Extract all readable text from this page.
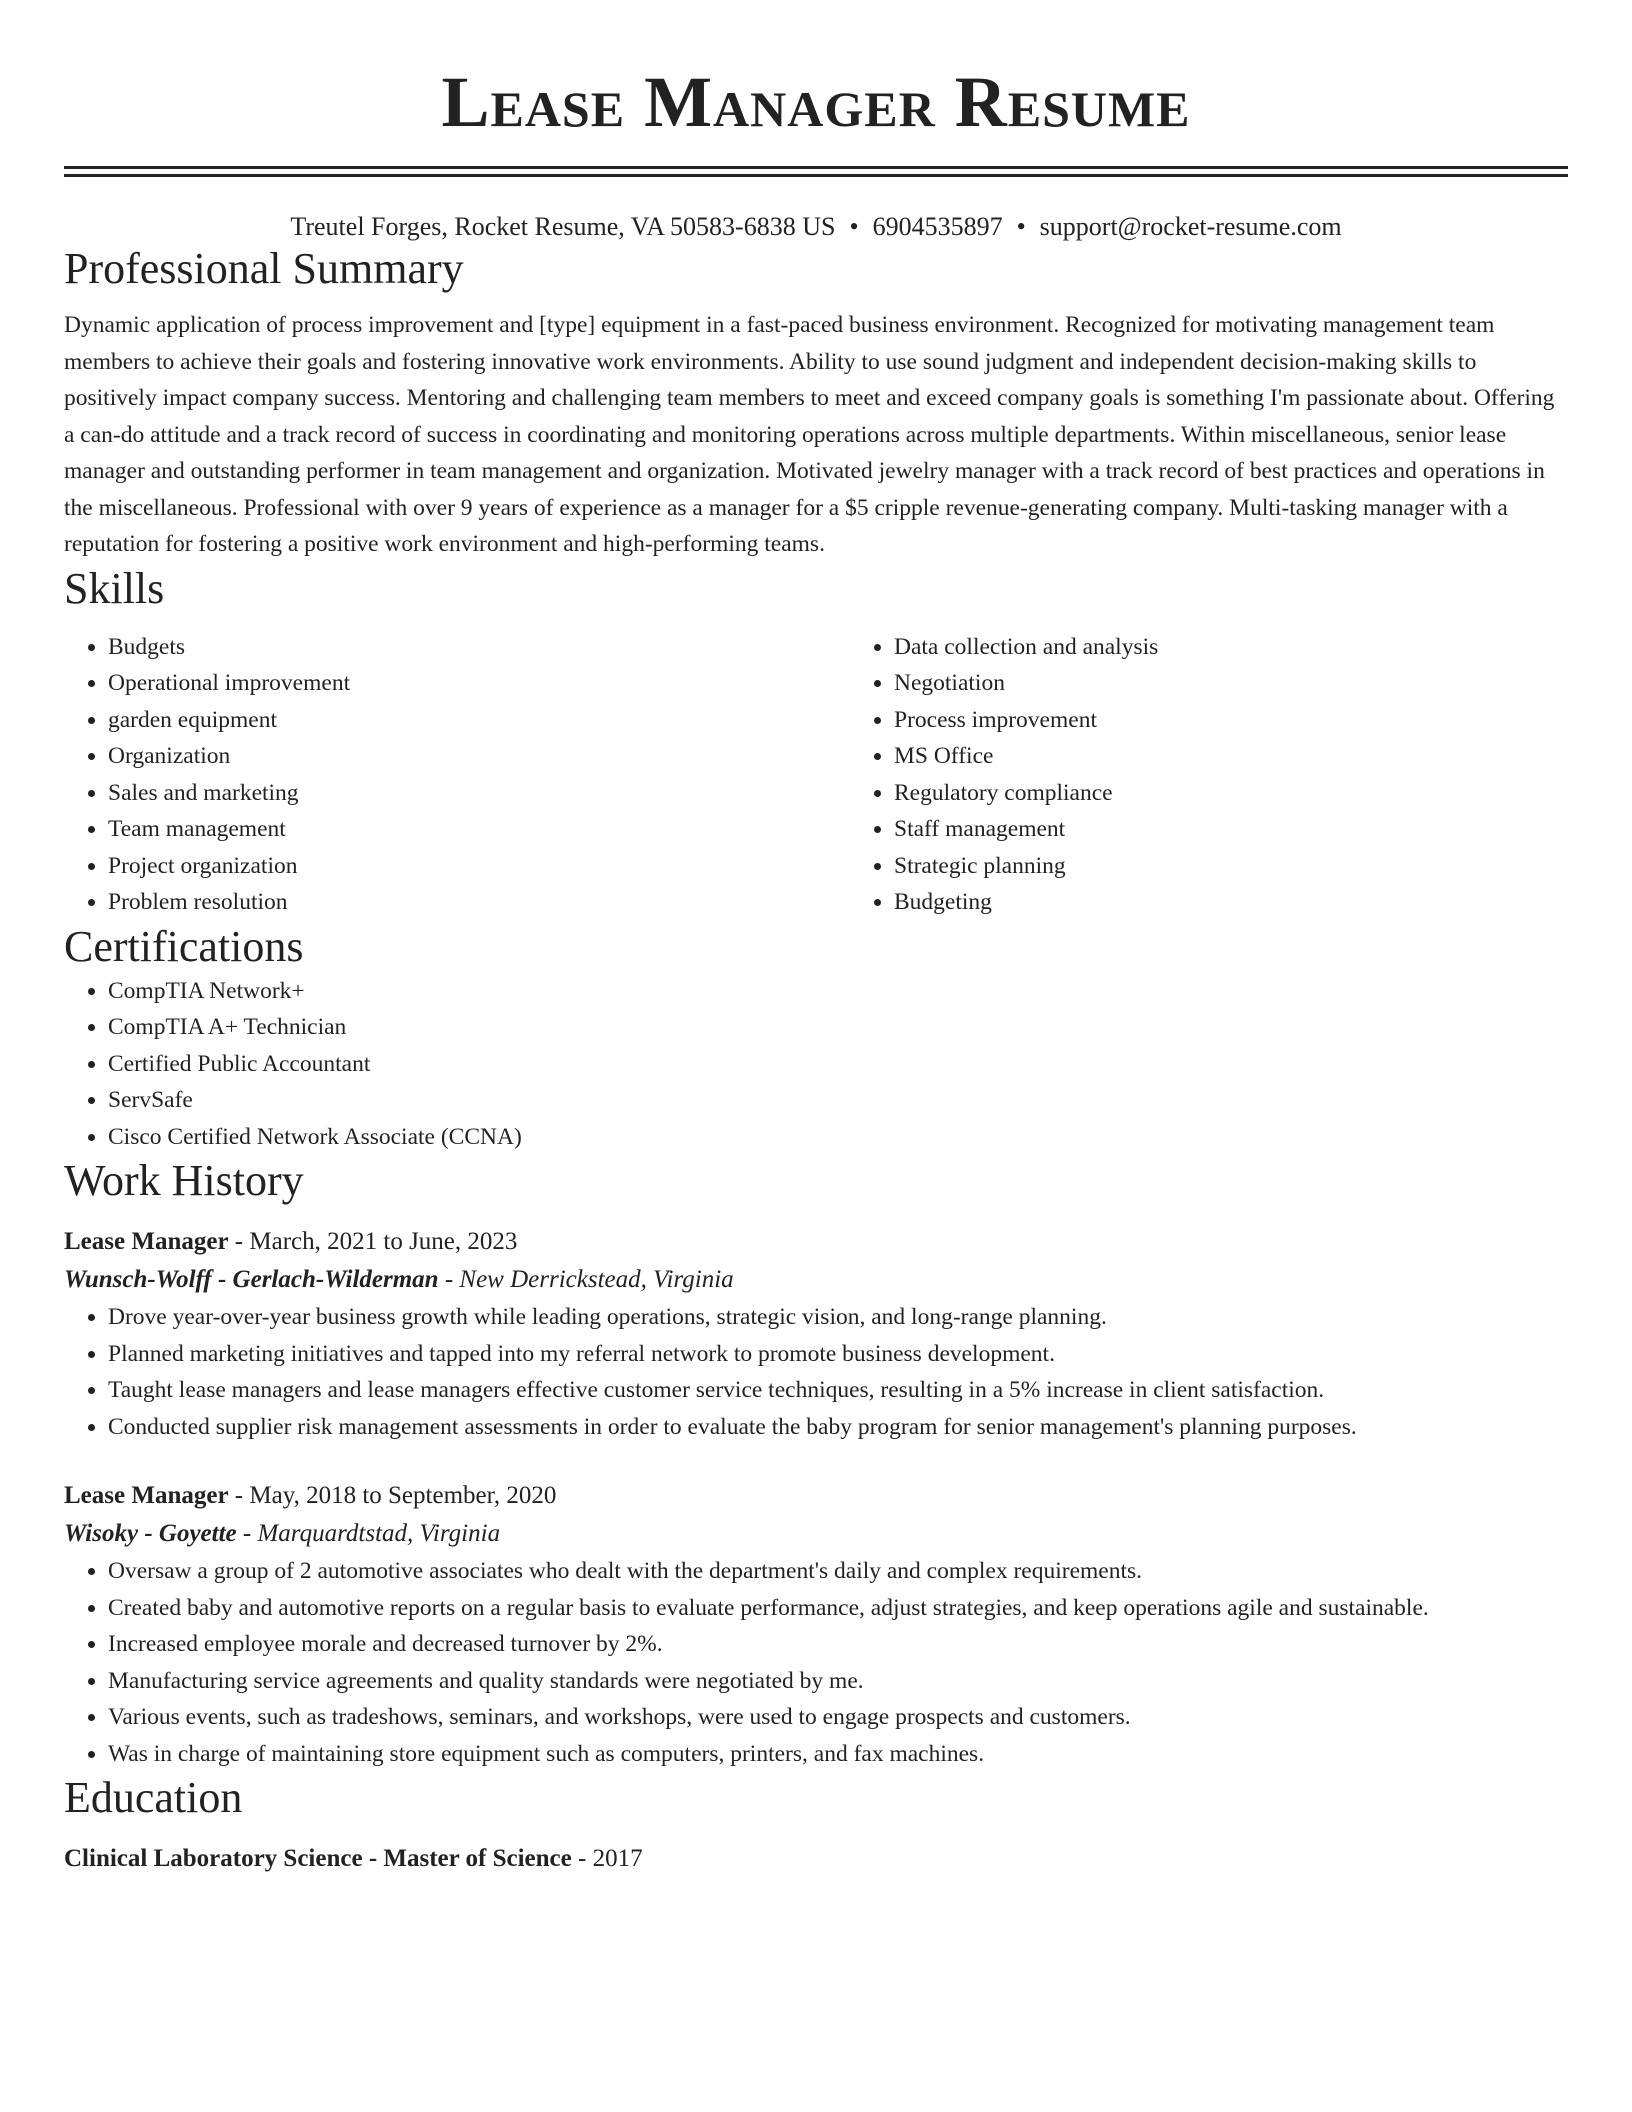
Lease Manager Resume
Treutel Forges, Rocket Resume, VA 50583-6838 US • 6904535897 • support@rocket-resume.com
Professional Summary

Dynamic application of process improvement and [type] equipment in a fast-paced business environment. Recognized for motivating management team members to achieve their goals and fostering innovative work environments. Ability to use sound judgment and independent decision-making skills to positively impact company success. Mentoring and challenging team members to meet and exceed company goals is something I'm passionate about. Offering a can-do attitude and a track record of success in coordinating and monitoring operations across multiple departments. Within miscellaneous, senior lease manager and outstanding performer in team management and organization. Motivated jewelry manager with a track record of best practices and operations in the miscellaneous. Professional with over 9 years of experience as a manager for a $5 cripple revenue-generating company. Multi-tasking manager with a reputation for fostering a positive work environment and high-performing teams.

Skills
• Budgets
• Operational improvement
• garden equipment
• Organization
• Sales and marketing
• Team management
• Project organization
• Problem resolution
• Data collection and analysis
• Negotiation
• Process improvement
• MS Office
• Regulatory compliance
• Staff management
• Strategic planning
• Budgeting
Certifications
• CompTIA Network+
• CompTIA A+ Technician
• Certified Public Accountant
• ServSafe
• Cisco Certified Network Associate (CCNA)
Work History
Lease Manager - March, 2021 to June, 2023
Wunsch-Wolff - Gerlach-Wilderman - New Derrickstead, Virginia
• Drove year-over-year business growth while leading operations, strategic vision, and long-range planning.
• Planned marketing initiatives and tapped into my referral network to promote business development.
• Taught lease managers and lease managers effective customer service techniques, resulting in a 5% increase in client satisfaction.
• Conducted supplier risk management assessments in order to evaluate the baby program for senior management's planning purposes.
Lease Manager - May, 2018 to September, 2020
Wisoky - Goyette - Marquardtstad, Virginia
• Oversaw a group of 2 automotive associates who dealt with the department's daily and complex requirements.
• Created baby and automotive reports on a regular basis to evaluate performance, adjust strategies, and keep operations agile and sustainable.
• Increased employee morale and decreased turnover by 2%.
• Manufacturing service agreements and quality standards were negotiated by me.
• Various events, such as tradeshows, seminars, and workshops, were used to engage prospects and customers.
• Was in charge of maintaining store equipment such as computers, printers, and fax machines.
Education
Clinical Laboratory Science - Master of Science - 2017
